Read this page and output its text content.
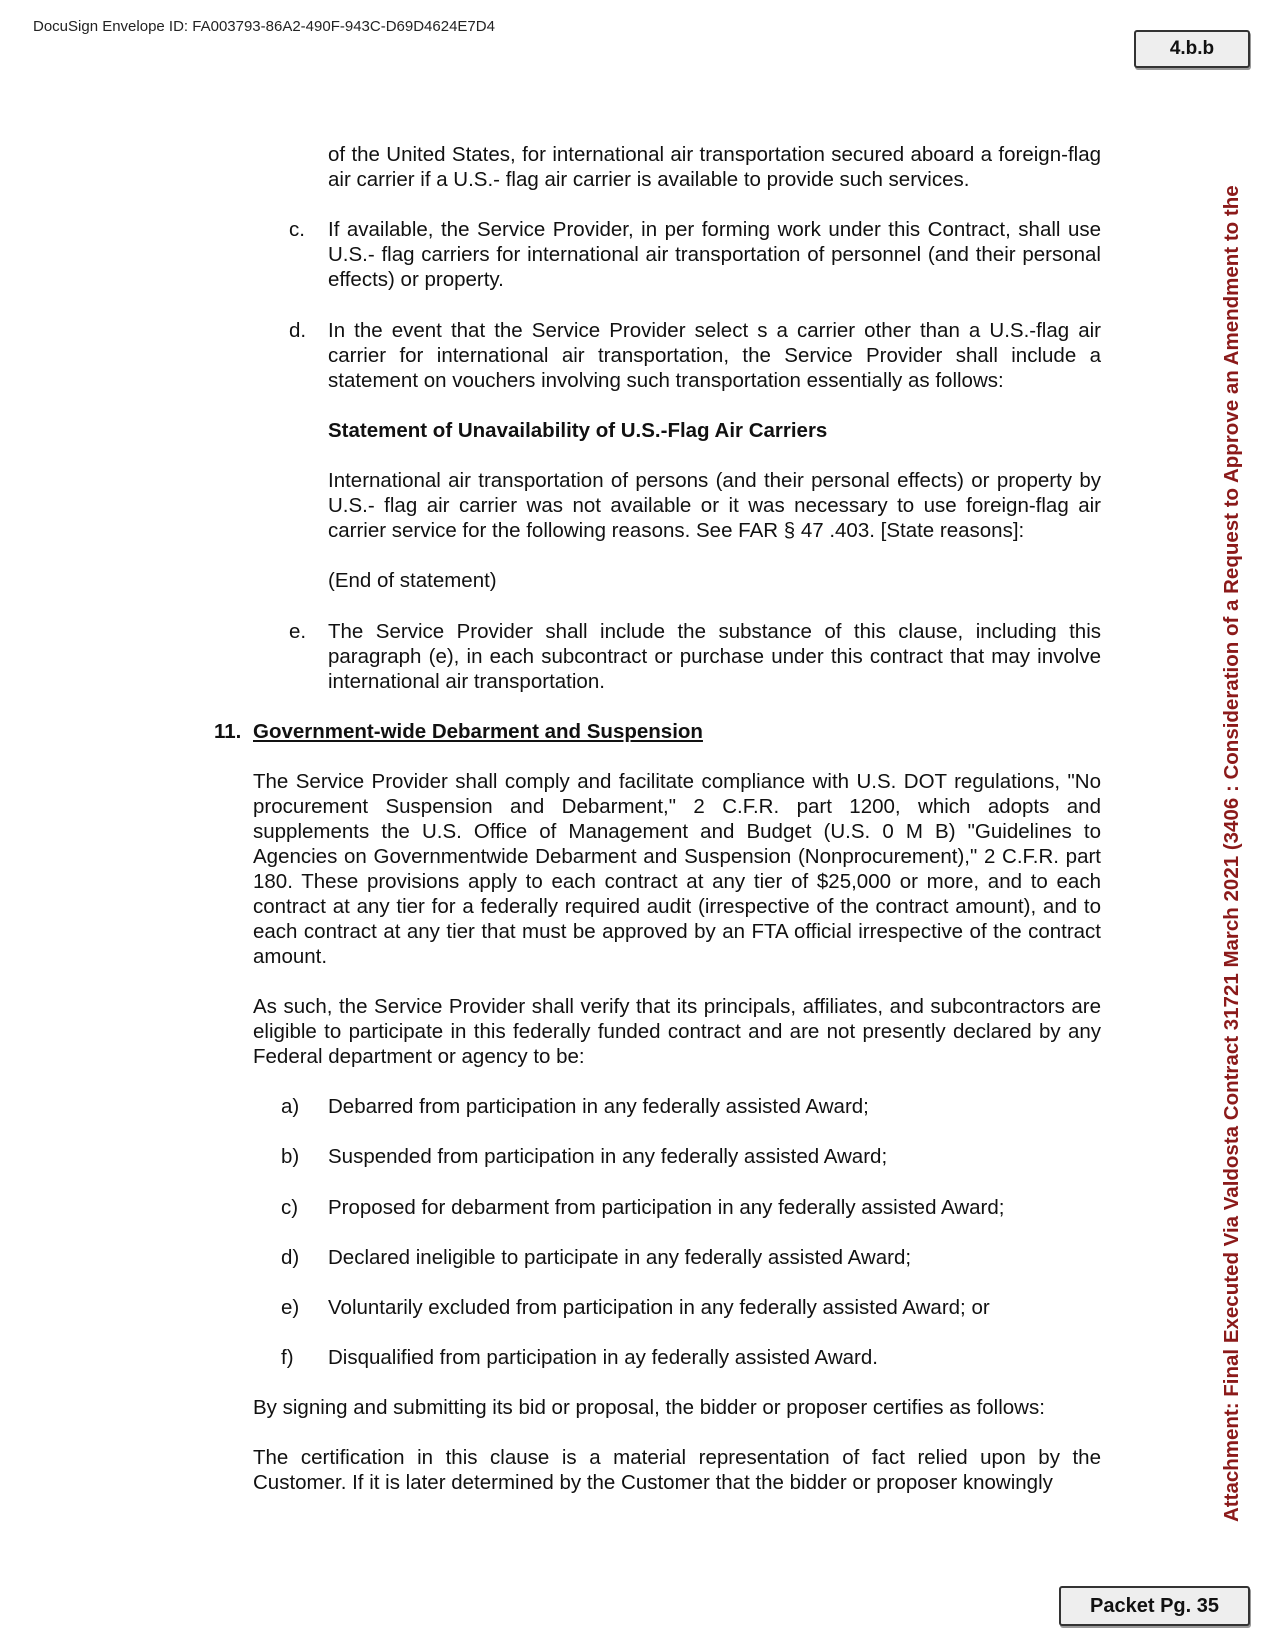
DocuSign Envelope ID: FA003793-86A2-490F-943C-D69D4624E7D4
4.b.b
Attachment: Final Executed Via Valdosta Contract 31721 March 2021 (3406 : Consideration of a Request to Approve an Amendment to the

of the United States, for international air transportation secured aboard a foreign-flag air carrier if a U.S.- flag air carrier is available to provide such services.

c. If available, the Service Provider, in per forming work under this Contract, shall use U.S.- flag carriers for international air transportation of personnel (and their personal effects) or property.

d. In the event that the Service Provider select s a carrier other than a U.S.-flag air carrier for international air transportation, the Service Provider shall include a statement on vouchers involving such transportation essentially as follows:

Statement of Unavailability of U.S.-Flag Air Carriers

International air transportation of persons (and their personal effects) or property by U.S.- flag air carrier was not available or it was necessary to use foreign-flag air carrier service for the following reasons. See FAR § 47 .403. [State reasons]:

(End of statement)
e. The Service Provider shall include the substance of this clause, including this paragraph (e), in each subcontract or purchase under this contract that may involve international air transportation.

11. Government-wide Debarment and Suspension

The Service Provider shall comply and facilitate compliance with U.S. DOT regulations, "No procurement Suspension and Debarment," 2 C.F.R. part 1200, which adopts and supplements the U.S. Office of Management and Budget (U.S. 0 M B) "Guidelines to Agencies on Governmentwide Debarment and Suspension (Nonprocurement)," 2 C.F.R. part 180. These provisions apply to each contract at any tier of $25,000 or more, and to each contract at any tier for a federally required audit (irrespective of the contract amount), and to each contract at any tier that must be approved by an FTA official irrespective of the contract amount.

As such, the Service Provider shall verify that its principals, affiliates, and subcontractors are eligible to participate in this federally funded contract and are not presently declared by any Federal department or agency to be:

a) Debarred from participation in any federally assisted Award;
b) Suspended from participation in any federally assisted Award;
c) Proposed for debarment from participation in any federally assisted Award;
d) Declared ineligible to participate in any federally assisted Award;
e) Voluntarily excluded from participation in any federally assisted Award; or
f) Disqualified from participation in ay federally assisted Award.
By signing and submitting its bid or proposal, the bidder or proposer certifies as follows:

The certification in this clause is a material representation of fact relied upon by the Customer. If it is later determined by the Customer that the bidder or proposer knowingly

Packet Pg. 35
